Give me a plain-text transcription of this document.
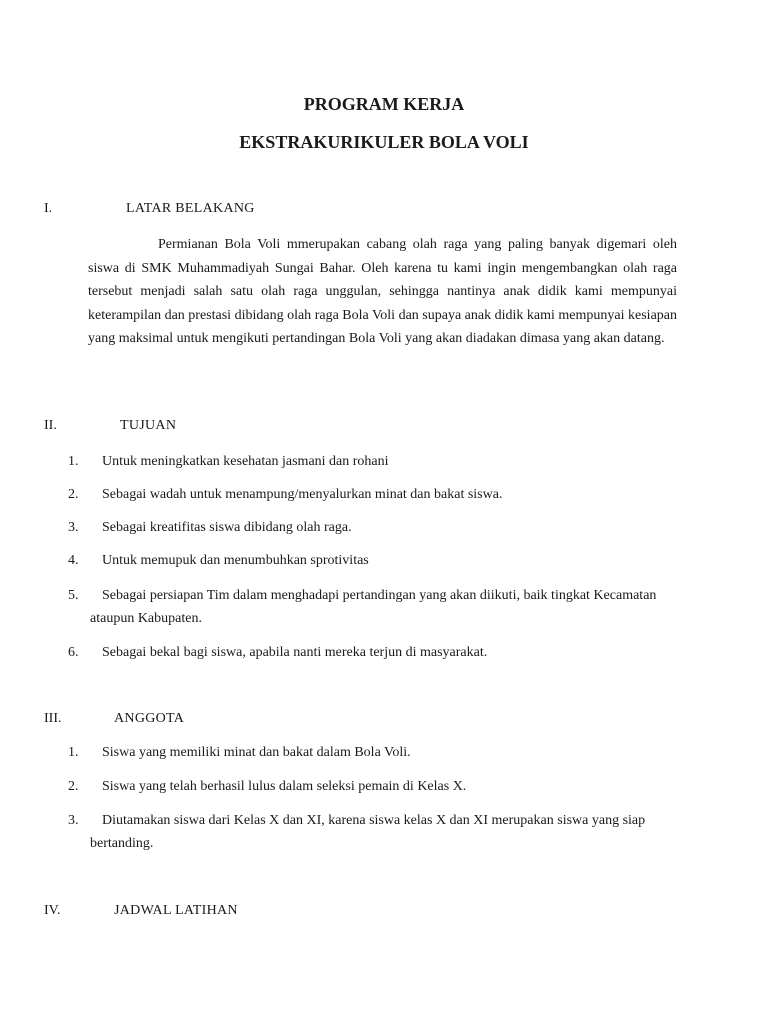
PROGRAM KERJA
EKSTRAKURIKULER BOLA VOLI
I.	LATAR BELAKANG

Permianan Bola Voli mmerupakan cabang olah raga yang paling banyak digemari oleh siswa di SMK Muhammadiyah Sungai Bahar. Oleh karena tu kami ingin mengembangkan olah raga tersebut menjadi salah satu olah raga unggulan, sehingga nantinya anak didik kami mempunyai keterampilan dan prestasi dibidang olah raga Bola Voli dan supaya anak didik kami mempunyai kesiapan yang maksimal untuk mengikuti pertandingan Bola Voli yang akan diadakan dimasa yang akan datang.

II.	TUJUAN
1.	Untuk meningkatkan kesehatan jasmani dan rohani
2.	Sebagai wadah untuk menampung/menyalurkan minat dan bakat siswa.
3.	Sebagai kreatifitas siswa dibidang olah raga.
4.	Untuk memupuk dan menumbuhkan sprotivitas
5.	Sebagai persiapan Tim dalam menghadapi pertandingan yang akan diikuti, baik tingkat Kecamatan ataupun Kabupaten.
6.	Sebagai bekal bagi siswa, apabila nanti mereka terjun di masyarakat.
III.	ANGGOTA
1.	Siswa yang memiliki minat dan bakat dalam Bola Voli.
2.	Siswa yang telah berhasil lulus dalam seleksi pemain di Kelas X.
3.	Diutamakan siswa dari Kelas X dan XI, karena siswa kelas X dan XI merupakan siswa yang siap bertanding.
IV.	JADWAL LATIHAN
